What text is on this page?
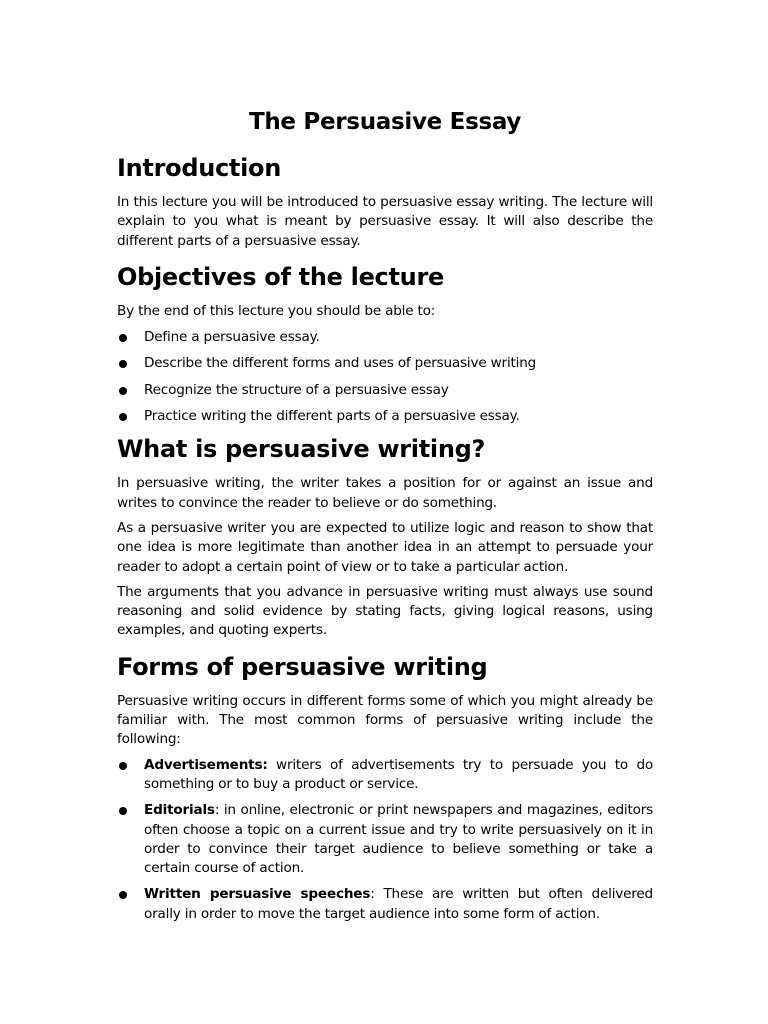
The Persuasive Essay
Introduction

In this lecture you will be introduced to persuasive essay writing. The lecture will explain to you what is meant by persuasive essay. It will also describe the different parts of a persuasive essay.

Objectives of the lecture

By the end of this lecture you should be able to:

Define a persuasive essay.
Describe the different forms and uses of persuasive writing
Recognize the structure of a persuasive essay
Practice writing the different parts of a persuasive essay.
What is persuasive writing?

In persuasive writing, the writer takes a position for or against an issue and writes to convince the reader to believe or do something.

As a persuasive writer you are expected to utilize logic and reason to show that one idea is more legitimate than another idea in an attempt to persuade your reader to adopt a certain point of view or to take a particular action.

The arguments that you advance in persuasive writing must always use sound reasoning and solid evidence by stating facts, giving logical reasons, using examples, and quoting experts.

Forms of persuasive writing

Persuasive writing occurs in different forms some of which you might already be familiar with. The most common forms of persuasive writing include the following:

Advertisements: writers of advertisements try to persuade you to do something or to buy a product or service.
Editorials: in online, electronic or print newspapers and magazines, editors often choose a topic on a current issue and try to write persuasively on it in order to convince their target audience to believe something or take a certain course of action.
Written persuasive speeches: These are written but often delivered orally in order to move the target audience into some form of action.
